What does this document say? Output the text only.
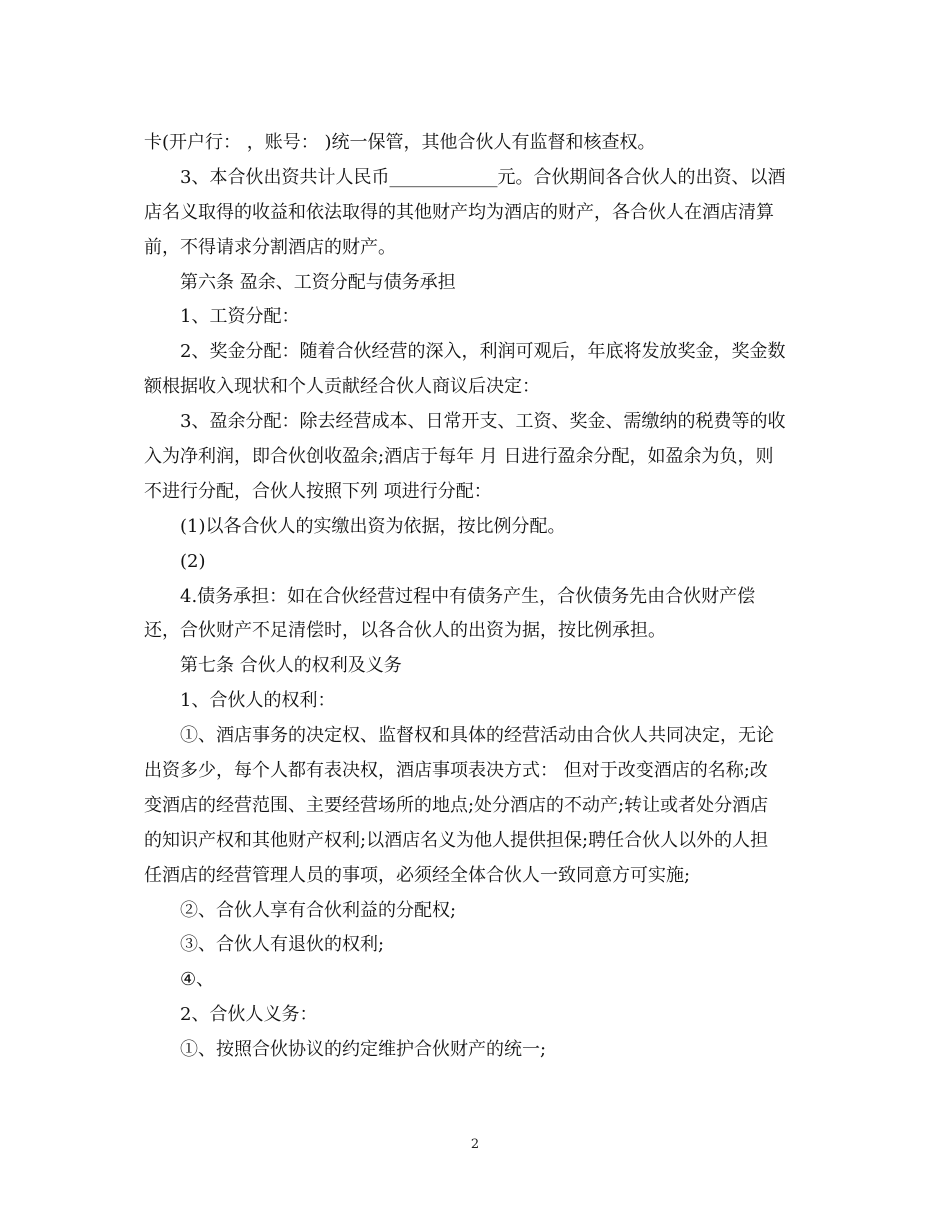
卡(开户行： ，账号： )统一保管，其他合伙人有监督和核查权。
3、本合伙出资共计人民币____________元。合伙期间各合伙人的出资、以酒
店名义取得的收益和依法取得的其他财产均为酒店的财产，各合伙人在酒店清算
前，不得请求分割酒店的财产。
第六条 盈余、工资分配与债务承担
1、工资分配：
2、奖金分配：随着合伙经营的深入，利润可观后，年底将发放奖金，奖金数
额根据收入现状和个人贡献经合伙人商议后决定：
3、盈余分配：除去经营成本、日常开支、工资、奖金、需缴纳的税费等的收
入为净利润，即合伙创收盈余;酒店于每年 月 日进行盈余分配，如盈余为负，则
不进行分配，合伙人按照下列 项进行分配：
(1)以各合伙人的实缴出资为依据，按比例分配。
(2)
4.债务承担：如在合伙经营过程中有债务产生，合伙债务先由合伙财产偿
还，合伙财产不足清偿时，以各合伙人的出资为据，按比例承担。
第七条 合伙人的权利及义务
1、合伙人的权利：
①、酒店事务的决定权、监督权和具体的经营活动由合伙人共同决定，无论
出资多少，每个人都有表决权，酒店事项表决方式： 但对于改变酒店的名称;改
变酒店的经营范围、主要经营场所的地点;处分酒店的不动产;转让或者处分酒店
的知识产权和其他财产权利;以酒店名义为他人提供担保;聘任合伙人以外的人担
任酒店的经营管理人员的事项，必须经全体合伙人一致同意方可实施;
②、合伙人享有合伙利益的分配权;
③、合伙人有退伙的权利;
④、
2、合伙人义务：
①、按照合伙协议的约定维护合伙财产的统一;
2
